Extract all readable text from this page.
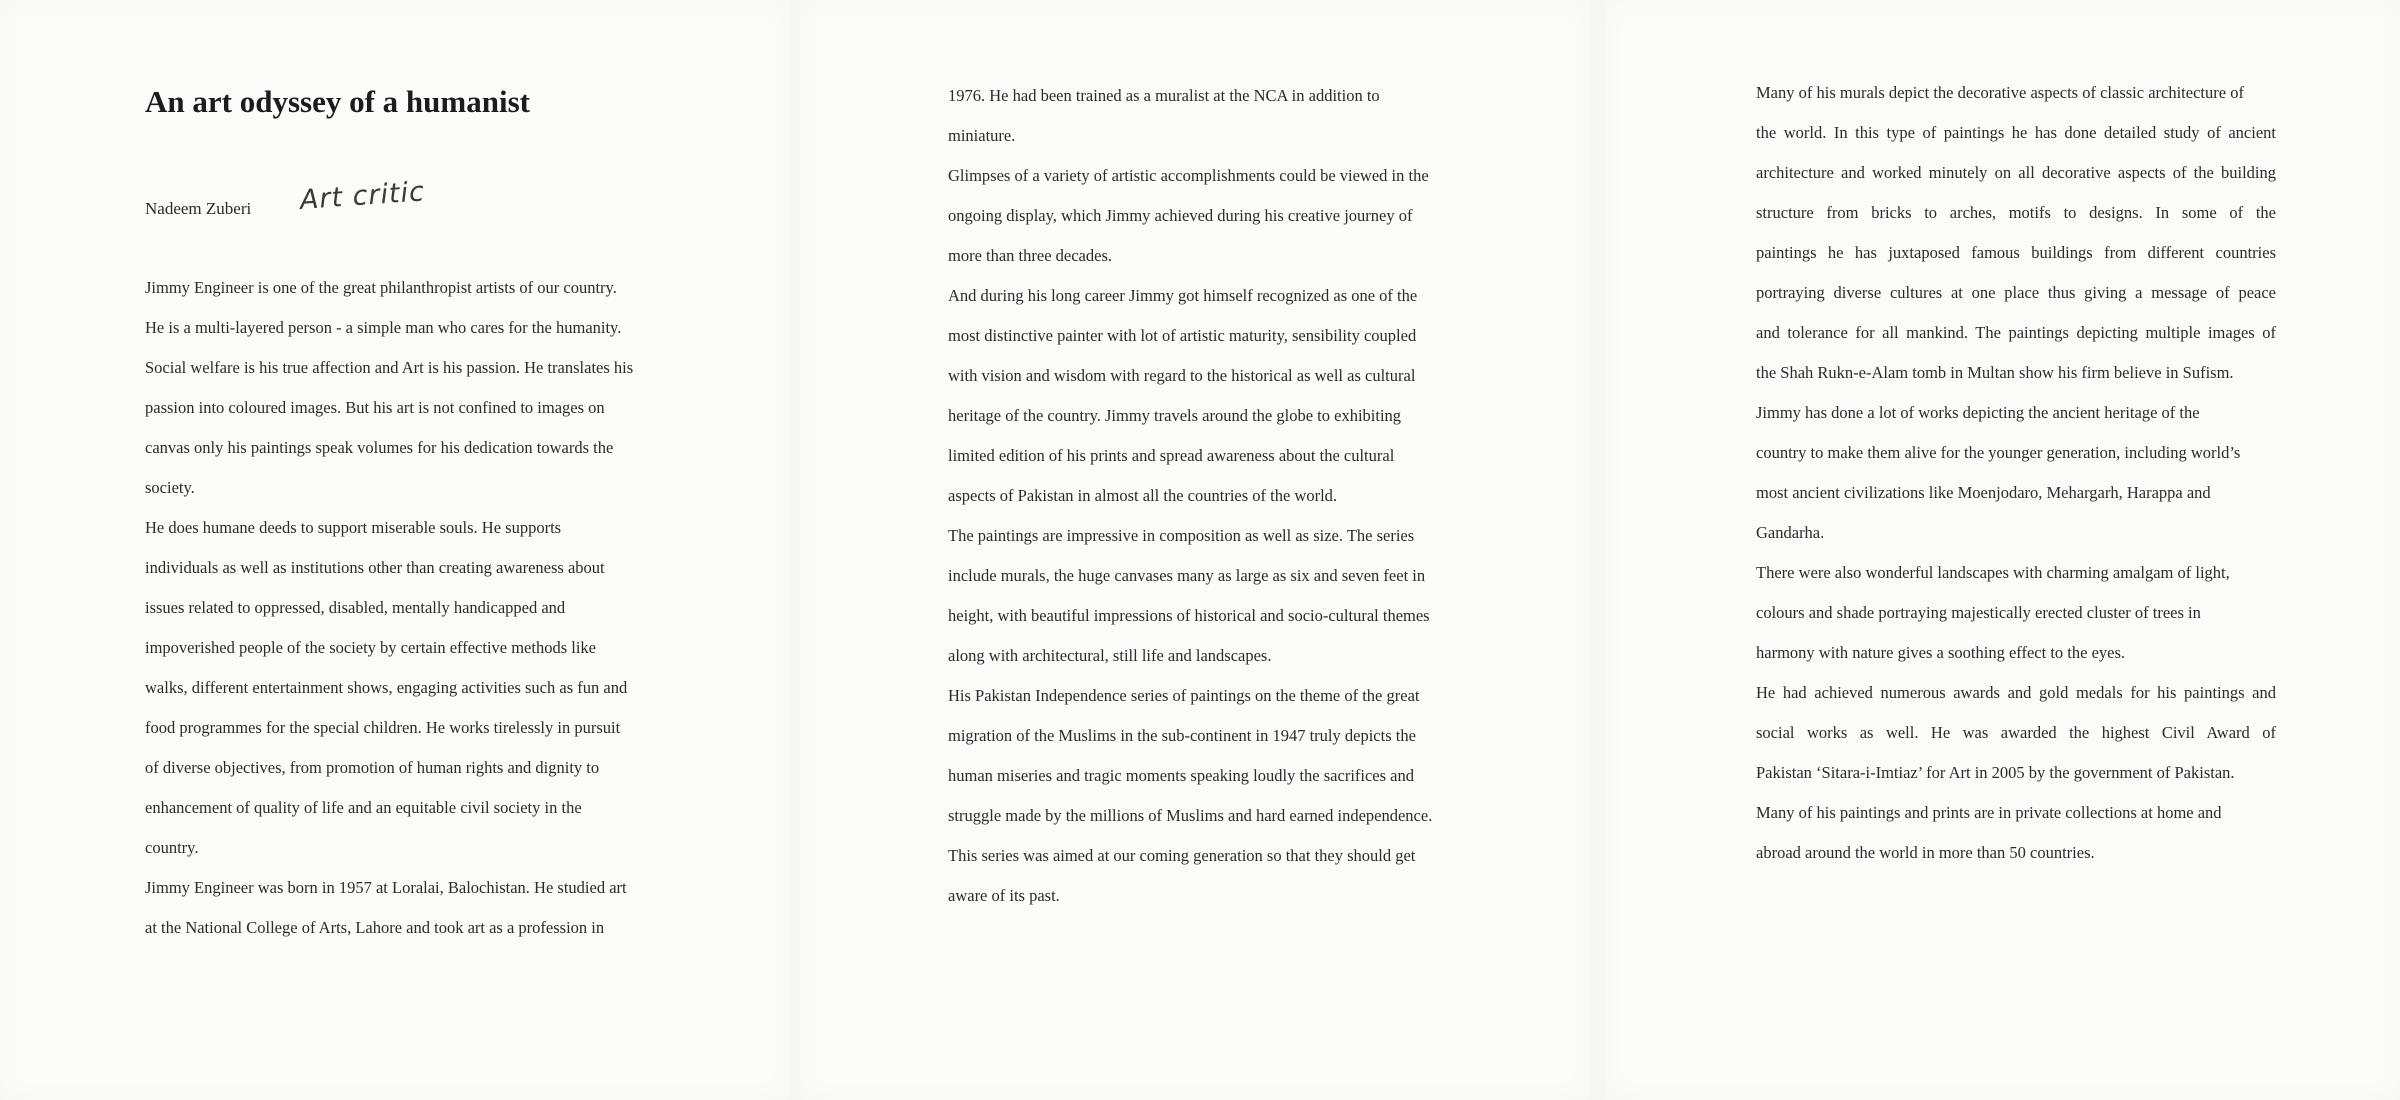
An art odyssey of a humanist
Nadeem Zuberi Art critic
Jimmy Engineer is one of the great philanthropist artists of our country.
He is a multi-layered person - a simple man who cares for the humanity.
Social welfare is his true affection and Art is his passion. He translates his
passion into coloured images. But his art is not confined to images on
canvas only his paintings speak volumes for his dedication towards the
society.
He does humane deeds to support miserable souls. He supports
individuals as well as institutions other than creating awareness about
issues related to oppressed, disabled, mentally handicapped and
impoverished people of the society by certain effective methods like
walks, different entertainment shows, engaging activities such as fun and
food programmes for the special children. He works tirelessly in pursuit
of diverse objectives, from promotion of human rights and dignity to
enhancement of quality of life and an equitable civil society in the
country.
Jimmy Engineer was born in 1957 at Loralai, Balochistan. He studied art
at the National College of Arts, Lahore and took art as a profession in
1976. He had been trained as a muralist at the NCA in addition to
miniature.
Glimpses of a variety of artistic accomplishments could be viewed in the
ongoing display, which Jimmy achieved during his creative journey of
more than three decades.
And during his long career Jimmy got himself recognized as one of the
most distinctive painter with lot of artistic maturity, sensibility coupled
with vision and wisdom with regard to the historical as well as cultural
heritage of the country. Jimmy travels around the globe to exhibiting
limited edition of his prints and spread awareness about the cultural
aspects of Pakistan in almost all the countries of the world.
The paintings are impressive in composition as well as size. The series
include murals, the huge canvases many as large as six and seven feet in
height, with beautiful impressions of historical and socio-cultural themes
along with architectural, still life and landscapes.
His Pakistan Independence series of paintings on the theme of the great
migration of the Muslims in the sub-continent in 1947 truly depicts the
human miseries and tragic moments speaking loudly the sacrifices and
struggle made by the millions of Muslims and hard earned independence.
This series was aimed at our coming generation so that they should get
aware of its past.
Many of his murals depict the decorative aspects of classic architecture of
the world. In this type of paintings he has done detailed study of ancient
architecture and worked minutely on all decorative aspects of the building
structure from bricks to arches, motifs to designs. In some of the
paintings he has juxtaposed famous buildings from different countries
portraying diverse cultures at one place thus giving a message of peace
and tolerance for all mankind. The paintings depicting multiple images of
the Shah Rukn-e-Alam tomb in Multan show his firm believe in Sufism.
Jimmy has done a lot of works depicting the ancient heritage of the
country to make them alive for the younger generation, including world’s
most ancient civilizations like Moenjodaro, Mehargarh, Harappa and
Gandarha.
There were also wonderful landscapes with charming amalgam of light,
colours and shade portraying majestically erected cluster of trees in
harmony with nature gives a soothing effect to the eyes.
He had achieved numerous awards and gold medals for his paintings and
social works as well. He was awarded the highest Civil Award of
Pakistan ‘Sitara-i-Imtiaz’ for Art in 2005 by the government of Pakistan.
Many of his paintings and prints are in private collections at home and
abroad around the world in more than 50 countries.
